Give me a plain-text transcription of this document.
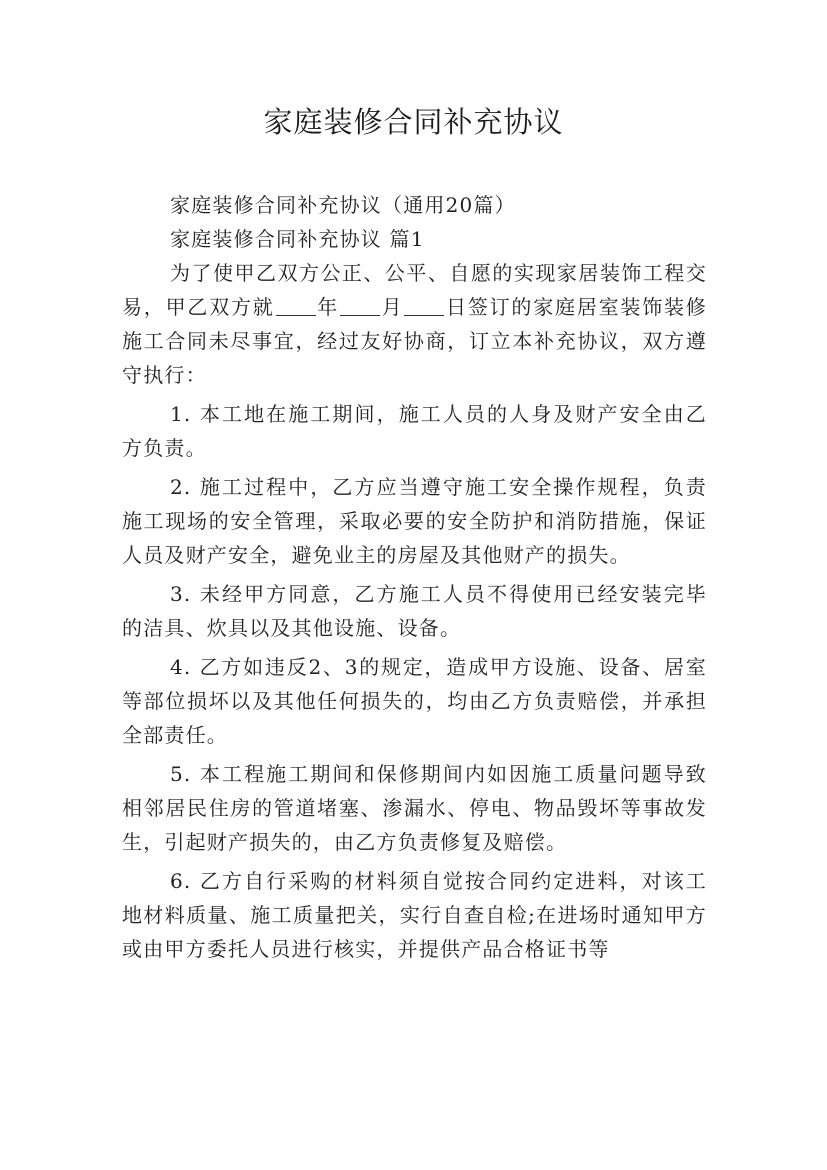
家庭装修合同补充协议

家庭装修合同补充协议（通用20篇）

家庭装修合同补充协议 篇1

为了使甲乙双方公正、公平、自愿的实现家居装饰工程交易，甲乙双方就 年 月 日签订的家庭居室装饰装修施工合同未尽事宜，经过友好协商，订立本补充协议，双方遵守执行：

1. 本工地在施工期间，施工人员的人身及财产安全由乙方负责。

2. 施工过程中，乙方应当遵守施工安全操作规程，负责施工现场的安全管理，采取必要的安全防护和消防措施，保证人员及财产安全，避免业主的房屋及其他财产的损失。

3. 未经甲方同意，乙方施工人员不得使用已经安装完毕的洁具、炊具以及其他设施、设备。

4. 乙方如违反2、3的规定，造成甲方设施、设备、居室等部位损坏以及其他任何损失的，均由乙方负责赔偿，并承担全部责任。

5. 本工程施工期间和保修期间内如因施工质量问题导致相邻居民住房的管道堵塞、渗漏水、停电、物品毁坏等事故发生，引起财产损失的，由乙方负责修复及赔偿。

6. 乙方自行采购的材料须自觉按合同约定进料，对该工地材料质量、施工质量把关，实行自查自检;在进场时通知甲方或由甲方委托人员进行核实，并提供产品合格证书等
